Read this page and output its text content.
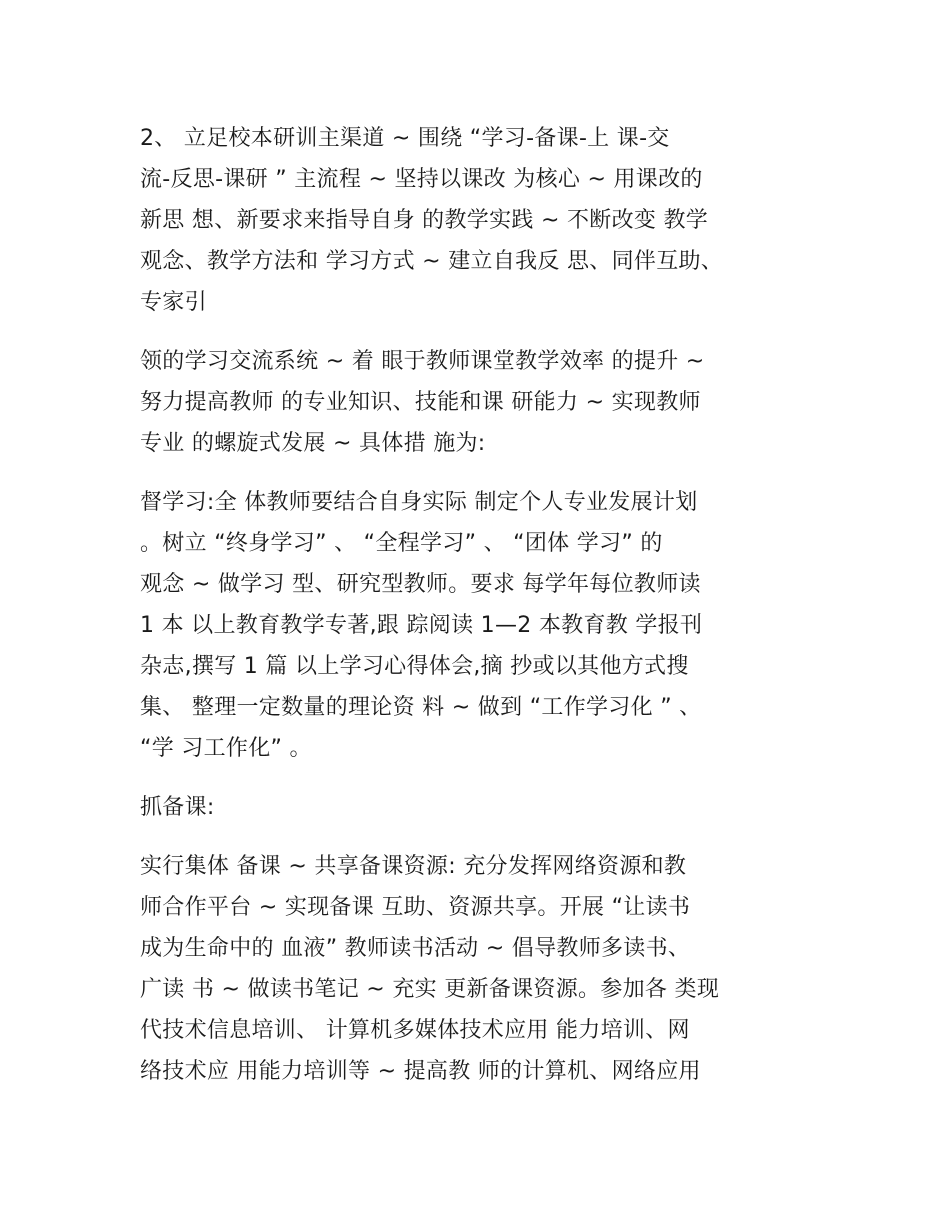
2、 立足校本研训主渠道 ~ 围绕 “学习-备课-上 课-交
流-反思-课研 ” 主流程 ~ 坚持以课改 为核心 ~ 用课改的
新思 想、新要求来指导自身 的教学实践 ~ 不断改变 教学
观念、教学方法和 学习方式 ~ 建立自我反 思、同伴互助、
专家引
领的学习交流系统 ~ 着 眼于教师课堂教学效率 的提升 ~
努力提高教师 的专业知识、技能和课 研能力 ~ 实现教师
专业 的螺旋式发展 ~ 具体措 施为:
督学习:全 体教师要结合自身实际 制定个人专业发展计划
。树立 “终身学习” 、 “全程学习” 、 “团体 学习” 的
观念 ~ 做学习 型、研究型教师。要求 每学年每位教师读
1 本 以上教育教学专著,跟 踪阅读 1—2 本教育教 学报刊
杂志,撰写 1 篇 以上学习心得体会,摘 抄或以其他方式搜
集、 整理一定数量的理论资 料 ~ 做到 “工作学习化 ” 、
“学 习工作化” 。
抓备课:
实行集体 备课 ~ 共享备课资源: 充分发挥网络资源和教
师合作平台 ~ 实现备课 互助、资源共享。开展 “让读书
成为生命中的 血液” 教师读书活动 ~ 倡导教师多读书、
广读 书 ~ 做读书笔记 ~ 充实 更新备课资源。参加各 类现
代技术信息培训、 计算机多媒体技术应用 能力培训、网
络技术应 用能力培训等 ~ 提高教 师的计算机、网络应用
